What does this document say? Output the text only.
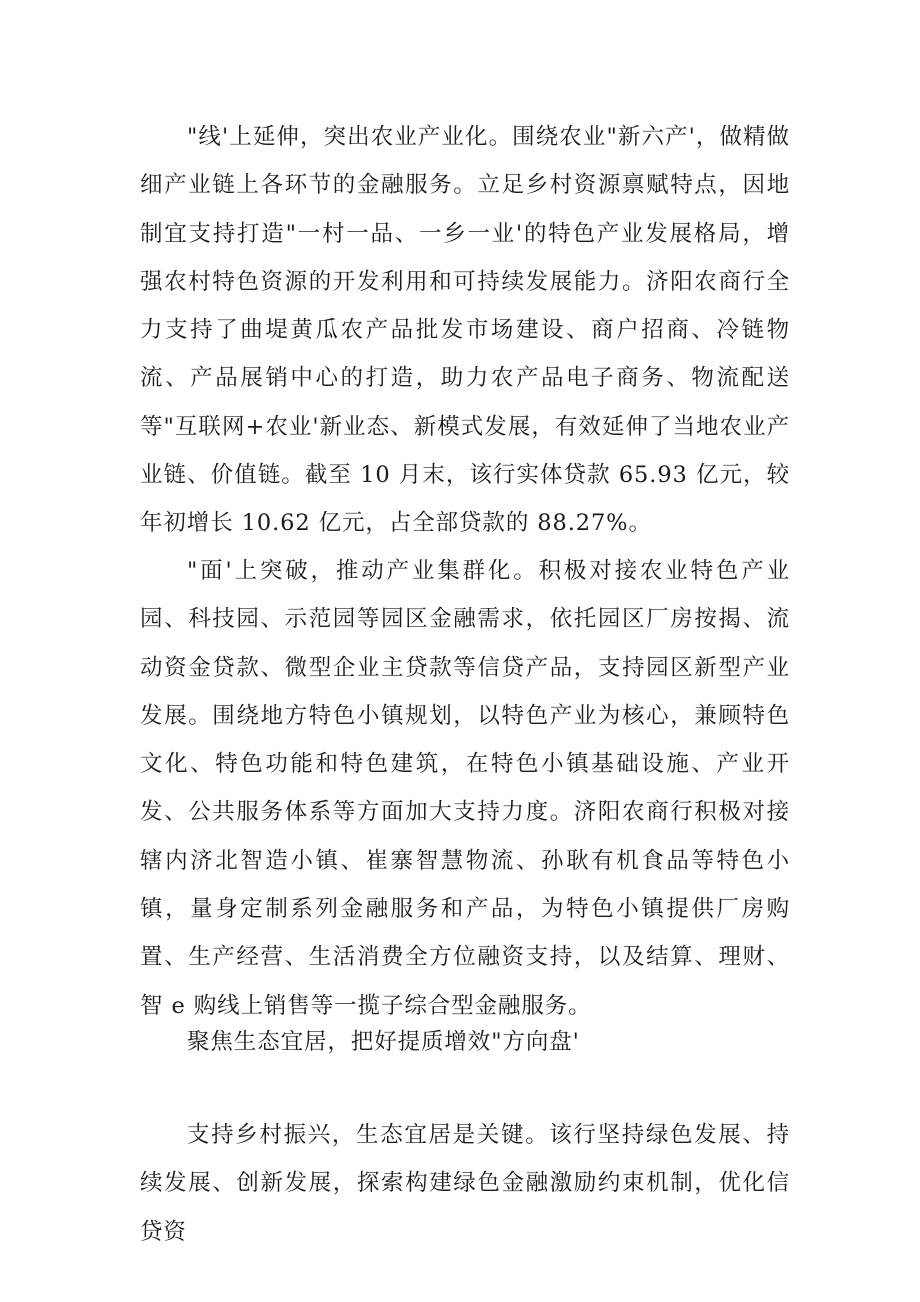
"线'上延伸，突出农业产业化。围绕农业"新六产'，做精做细产业链上各环节的金融服务。立足乡村资源禀赋特点，因地制宜支持打造"一村一品、一乡一业'的特色产业发展格局，增强农村特色资源的开发利用和可持续发展能力。济阳农商行全力支持了曲堤黄瓜农产品批发市场建设、商户招商、冷链物流、产品展销中心的打造，助力农产品电子商务、物流配送等"互联网+农业'新业态、新模式发展，有效延伸了当地农业产业链、价值链。截至 10 月末，该行实体贷款 65.93 亿元，较年初增长 10.62 亿元，占全部贷款的 88.27%。

"面'上突破，推动产业集群化。积极对接农业特色产业园、科技园、示范园等园区金融需求，依托园区厂房按揭、流动资金贷款、微型企业主贷款等信贷产品，支持园区新型产业发展。围绕地方特色小镇规划，以特色产业为核心，兼顾特色文化、特色功能和特色建筑，在特色小镇基础设施、产业开发、公共服务体系等方面加大支持力度。济阳农商行积极对接辖内济北智造小镇、崔寨智慧物流、孙耿有机食品等特色小镇，量身定制系列金融服务和产品，为特色小镇提供厂房购置、生产经营、生活消费全方位融资支持，以及结算、理财、智 e 购线上销售等一揽子综合型金融服务。

聚焦生态宜居，把好提质增效"方向盘'

支持乡村振兴，生态宜居是关键。该行坚持绿色发展、持续发展、创新发展，探索构建绿色金融激励约束机制，优化信贷资
